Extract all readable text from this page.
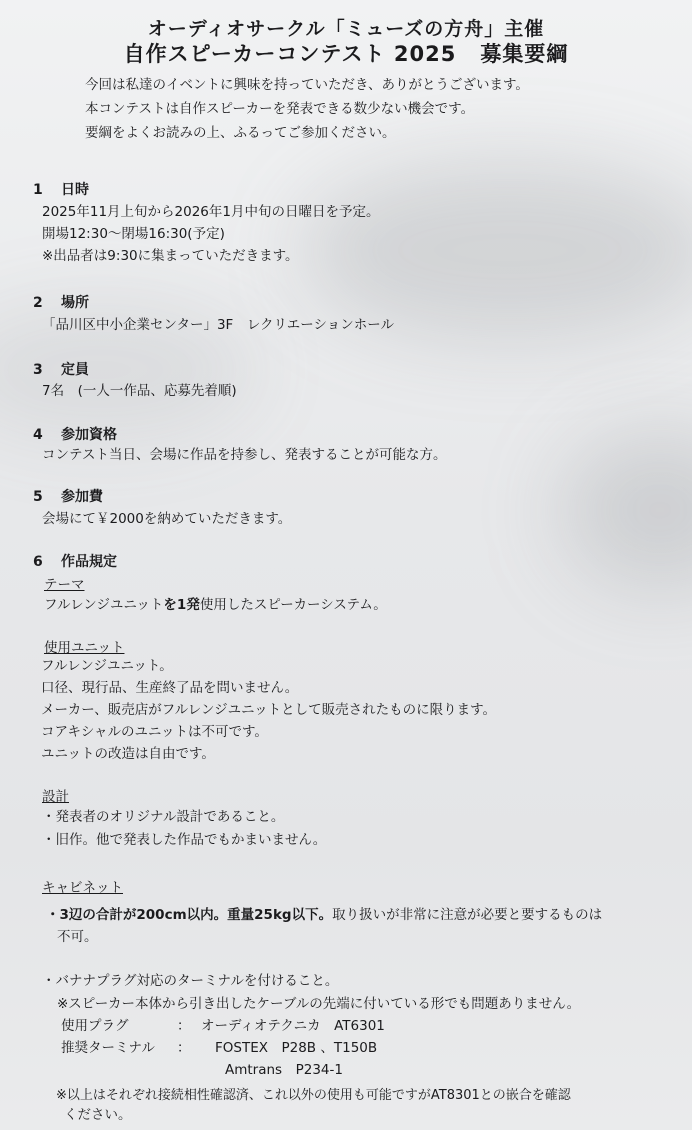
オーディオサークル「ミューズの方舟」主催
自作スピーカーコンテスト 2025 募集要綱
今回は私達のイベントに興味を持っていただき、ありがとうございます。
本コンテストは自作スピーカーを発表できる数少ない機会です。
要綱をよくお読みの上、ふるってご参加ください。
1 日時
2025年11月上旬から2026年1月中旬の日曜日を予定。
開場12:30～閉場16:30(予定)
※出品者は9:30に集まっていただきます。
2 場所
「品川区中小企業センター」3F　レクリエーションホール
3 定員
7名　(一人一作品、応募先着順)
4 参加資格
コンテスト当日、会場に作品を持参し、発表することが可能な方。
5 参加費
会場にて￥2000を納めていただきます。
6 作品規定
テーマ
フルレンジユニットを1発使用したスピーカーシステム。
使用ユニット
フルレンジユニット。
口径、現行品、生産終了品を問いません。
メーカー、販売店がフルレンジユニットとして販売されたものに限ります。
コアキシャルのユニットは不可です。
ユニットの改造は自由です。
設計
・発表者のオリジナル設計であること。
・旧作。他で発表した作品でもかまいません。
キャビネット
・3辺の合計が200cm以内。重量25kg以下。取り扱いが非常に注意が必要と要するものは
不可。
・バナナプラグ対応のターミナルを付けること。
※スピーカー本体から引き出したケーブルの先端に付いている形でも問題ありません。
使用プラグ	： オーディオテクニカ　AT6301
推奨ターミナル ： FOSTEX　P28B 、T150B
Amtrans　P234-1
※以上はそれぞれ接続相性確認済、これ以外の使用も可能ですがAT8301との嵌合を確認
ください。
